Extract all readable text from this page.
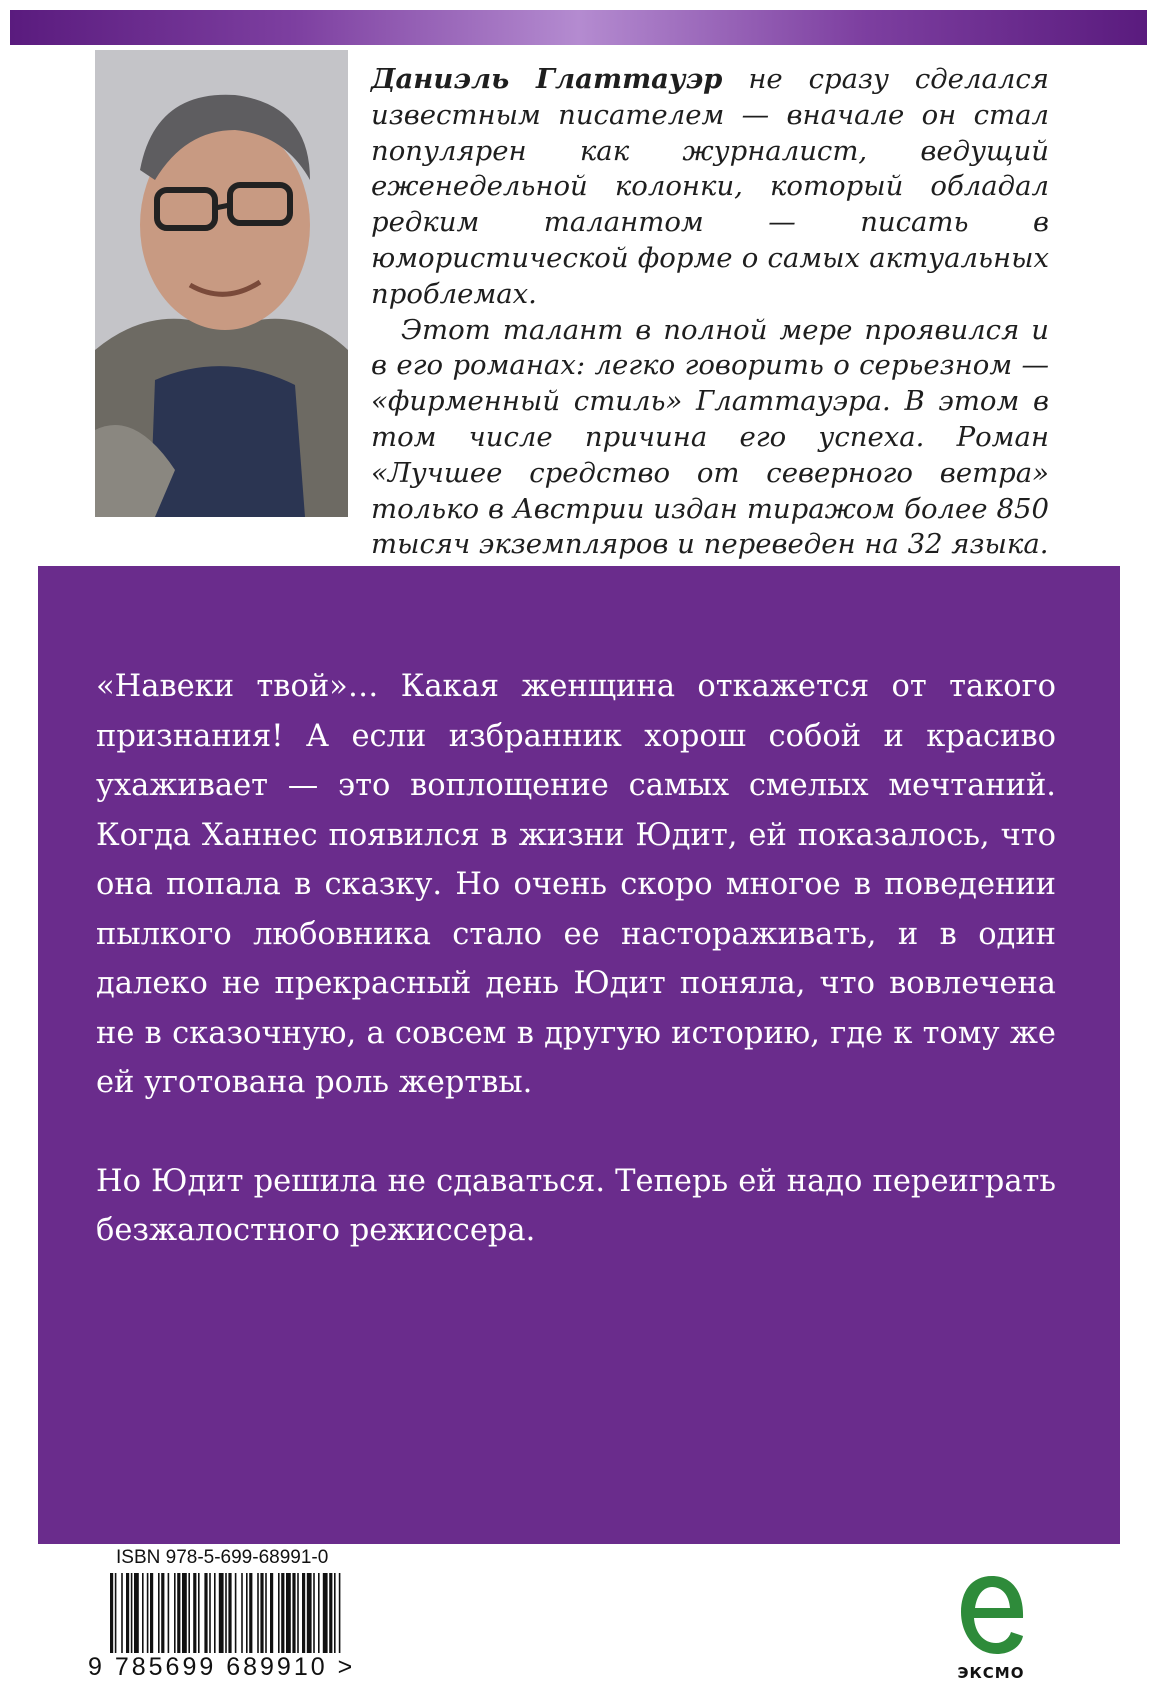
Даниэль Глаттауэр не сразу сделался известным писателем — вначале он стал популярен как журналист, ведущий еженедельной колонки, который обладал редким талантом — писать в юмористической форме о самых актуальных проблемах.

Этот талант в полной мере проявился и в его романах: легко говорить о серьезном — «фирменный стиль» Глаттауэра. В этом в том числе причина его успеха. Роман «Лучшее средство от северного ветра» только в Австрии издан тиражом более 850 тысяч экземпляров и переведен на 32 языка.

«Навеки твой»… Какая женщина откажется от такого признания! А если избранник хорош собой и красиво ухаживает — это воплощение самых смелых мечтаний. Когда Ханнес появился в жизни Юдит, ей показалось, что она попала в сказку. Но очень скоро многое в поведении пылкого любовника стало ее настораживать, и в один далеко не прекрасный день Юдит поняла, что вовлечена не в сказочную, а совсем в другую историю, где к тому же ей уготована роль жертвы.

Но Юдит решила не сдаваться. Теперь ей надо переиграть безжалостного режиссера.

ISBN 978-5-699-68991-0
9 785699 689910 >	ЭКСМО
